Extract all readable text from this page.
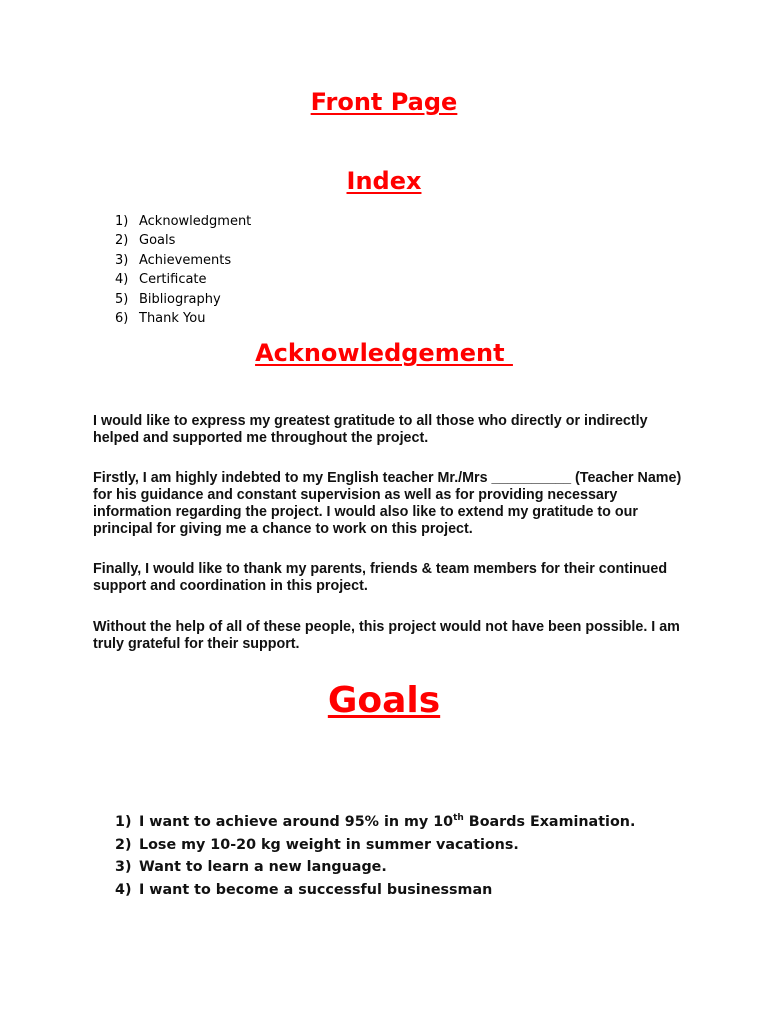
Front Page
Index
1) Acknowledgment
2) Goals
3) Achievements
4) Certificate
5) Bibliography
6) Thank You
Acknowledgement

I would like to express my greatest gratitude to all those who directly or indirectly helped and supported me throughout the project.

Firstly, I am highly indebted to my English teacher Mr./Mrs __________ (Teacher Name) for his guidance and constant supervision as well as for providing necessary information regarding the project. I would also like to extend my gratitude to our principal for giving me a chance to work on this project.

Finally, I would like to thank my parents, friends & team members for their continued support and coordination in this project.

Without the help of all of these people, this project would not have been possible. I am truly grateful for their support.

Goals
1) I want to achieve around 95% in my 10th Boards Examination.
2) Lose my 10-20 kg weight in summer vacations.
3) Want to learn a new language.
4) I want to become a successful businessman
